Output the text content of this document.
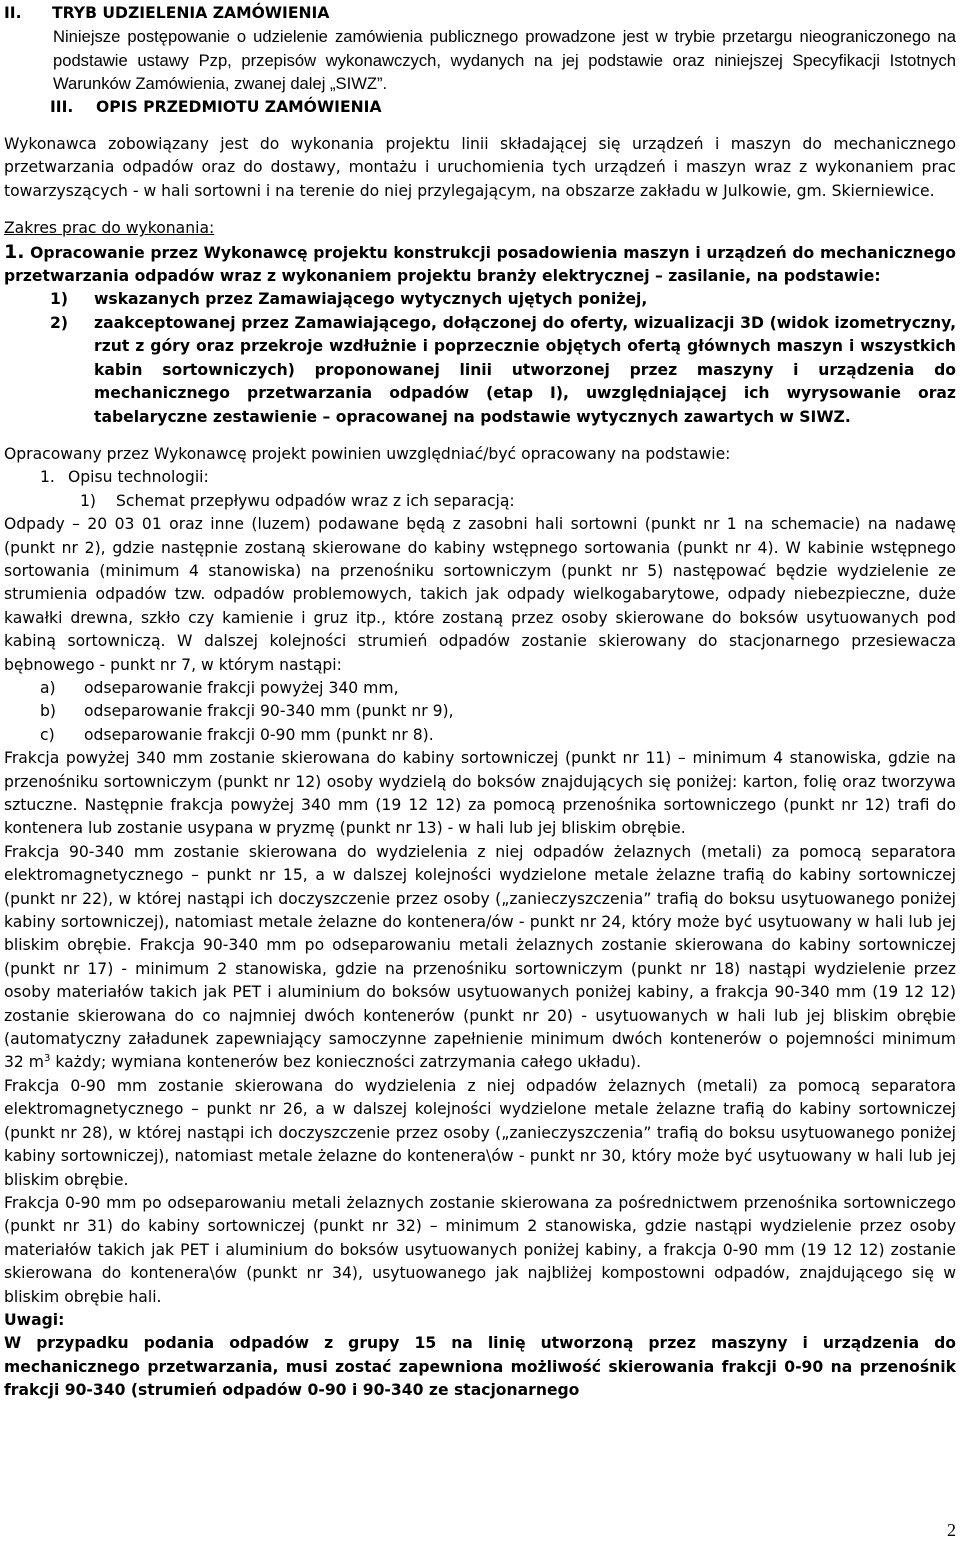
II.	TRYB UDZIELENIA ZAMÓWIENIA

Niniejsze postępowanie o udzielenie zamówienia publicznego prowadzone jest w trybie przetargu nieograniczonego na podstawie ustawy Pzp, przepisów wykonawczych, wydanych na jej podstawie oraz niniejszej Specyfikacji Istotnych Warunków Zamówienia, zwanej dalej „SIWZ”.

III.	OPIS PRZEDMIOTU ZAMÓWIENIA

Wykonawca zobowiązany jest do wykonania projektu linii składającej się urządzeń i maszyn do mechanicznego przetwarzania odpadów oraz do dostawy, montażu i uruchomienia tych urządzeń i maszyn wraz z wykonaniem prac towarzyszących - w hali sortowni i na terenie do niej przylegającym, na obszarze zakładu w Julkowie, gm. Skierniewice.

Zakres prac do wykonania:

1. Opracowanie przez Wykonawcę projektu konstrukcji posadowienia maszyn i urządzeń do mechanicznego przetwarzania odpadów wraz z wykonaniem projektu branży elektrycznej – zasilanie, na podstawie:

1)	wskazanych przez Zamawiającego wytycznych ujętych poniżej,

2)	zaakceptowanej przez Zamawiającego, dołączonej do oferty, wizualizacji 3D (widok izometryczny, rzut z góry oraz przekroje wzdłużnie i poprzecznie objętych ofertą głównych maszyn i wszystkich kabin sortowniczych) proponowanej linii utworzonej przez maszyny i urządzenia do mechanicznego przetwarzania odpadów (etap I), uwzględniającej ich wyrysowanie oraz tabelaryczne zestawienie – opracowanej na podstawie wytycznych zawartych w SIWZ.

Opracowany przez Wykonawcę projekt powinien uwzględniać/być opracowany na podstawie:

1. Opisu technologii:
1)	Schemat przepływu odpadów wraz z ich separacją:

Odpady – 20 03 01 oraz inne (luzem) podawane będą z zasobni hali sortowni (punkt nr 1 na schemacie) na nadawę (punkt nr 2), gdzie następnie zostaną skierowane do kabiny wstępnego sortowania (punkt nr 4). W kabinie wstępnego sortowania (minimum 4 stanowiska) na przenośniku sortowniczym (punkt nr 5) następować będzie wydzielenie ze strumienia odpadów tzw. odpadów problemowych, takich jak odpady wielkogabarytowe, odpady niebezpieczne, duże kawałki drewna, szkło czy kamienie i gruz itp., które zostaną przez osoby skierowane do boksów usytuowanych pod kabiną sortowniczą. W dalszej kolejności strumień odpadów zostanie skierowany do stacjonarnego przesiewacza bębnowego - punkt nr 7, w którym nastąpi:

a)	odseparowanie frakcji powyżej 340 mm,
b)	odseparowanie frakcji 90-340 mm (punkt nr 9),
c)	odseparowanie frakcji 0-90 mm (punkt nr 8).

Frakcja powyżej 340 mm zostanie skierowana do kabiny sortowniczej (punkt nr 11) – minimum 4 stanowiska, gdzie na przenośniku sortowniczym (punkt nr 12) osoby wydzielą do boksów znajdujących się poniżej: karton, folię oraz tworzywa sztuczne. Następnie frakcja powyżej 340 mm (19 12 12) za pomocą przenośnika sortowniczego (punkt nr 12) trafi do kontenera lub zostanie usypana w pryzmę (punkt nr 13) - w hali lub jej bliskim obrębie.

Frakcja 90-340 mm zostanie skierowana do wydzielenia z niej odpadów żelaznych (metali) za pomocą separatora elektromagnetycznego – punkt nr 15, a w dalszej kolejności wydzielone metale żelazne trafią do kabiny sortowniczej (punkt nr 22), w której nastąpi ich doczyszczenie przez osoby („zanieczyszczenia” trafią do boksu usytuowanego poniżej kabiny sortowniczej), natomiast metale żelazne do kontenera/ów - punkt nr 24, który może być usytuowany w hali lub jej bliskim obrębie. Frakcja 90-340 mm po odseparowaniu metali żelaznych zostanie skierowana do kabiny sortowniczej (punkt nr 17) - minimum 2 stanowiska, gdzie na przenośniku sortowniczym (punkt nr 18) nastąpi wydzielenie przez osoby materiałów takich jak PET i aluminium do boksów usytuowanych poniżej kabiny, a frakcja 90-340 mm (19 12 12) zostanie skierowana do co najmniej dwóch kontenerów (punkt nr 20) - usytuowanych w hali lub jej bliskim obrębie (automatyczny załadunek zapewniający samoczynne zapełnienie minimum dwóch kontenerów o pojemności minimum 32 $m^3$ każdy; wymiana kontenerów bez konieczności zatrzymania całego układu).

Frakcja 0-90 mm zostanie skierowana do wydzielenia z niej odpadów żelaznych (metali) za pomocą separatora elektromagnetycznego – punkt nr 26, a w dalszej kolejności wydzielone metale żelazne trafią do kabiny sortowniczej (punkt nr 28), w której nastąpi ich doczyszczenie przez osoby („zanieczyszczenia” trafią do boksu usytuowanego poniżej kabiny sortowniczej), natomiast metale żelazne do kontenera\ów - punkt nr 30, który może być usytuowany w hali lub jej bliskim obrębie.

Frakcja 0-90 mm po odseparowaniu metali żelaznych zostanie skierowana za pośrednictwem przenośnika sortowniczego (punkt nr 31) do kabiny sortowniczej (punkt nr 32) – minimum 2 stanowiska, gdzie nastąpi wydzielenie przez osoby materiałów takich jak PET i aluminium do boksów usytuowanych poniżej kabiny, a frakcja 0-90 mm (19 12 12) zostanie skierowana do kontenera\ów (punkt nr 34), usytuowanego jak najbliżej kompostowni odpadów, znajdującego się w bliskim obrębie hali.

Uwagi:

W przypadku podania odpadów z grupy 15 na linię utworzoną przez maszyny i urządzenia do mechanicznego przetwarzania, musi zostać zapewniona możliwość skierowania frakcji 0-90 na przenośnik frakcji 90-340 (strumień odpadów 0-90 i 90-340 ze stacjonarnego

2
